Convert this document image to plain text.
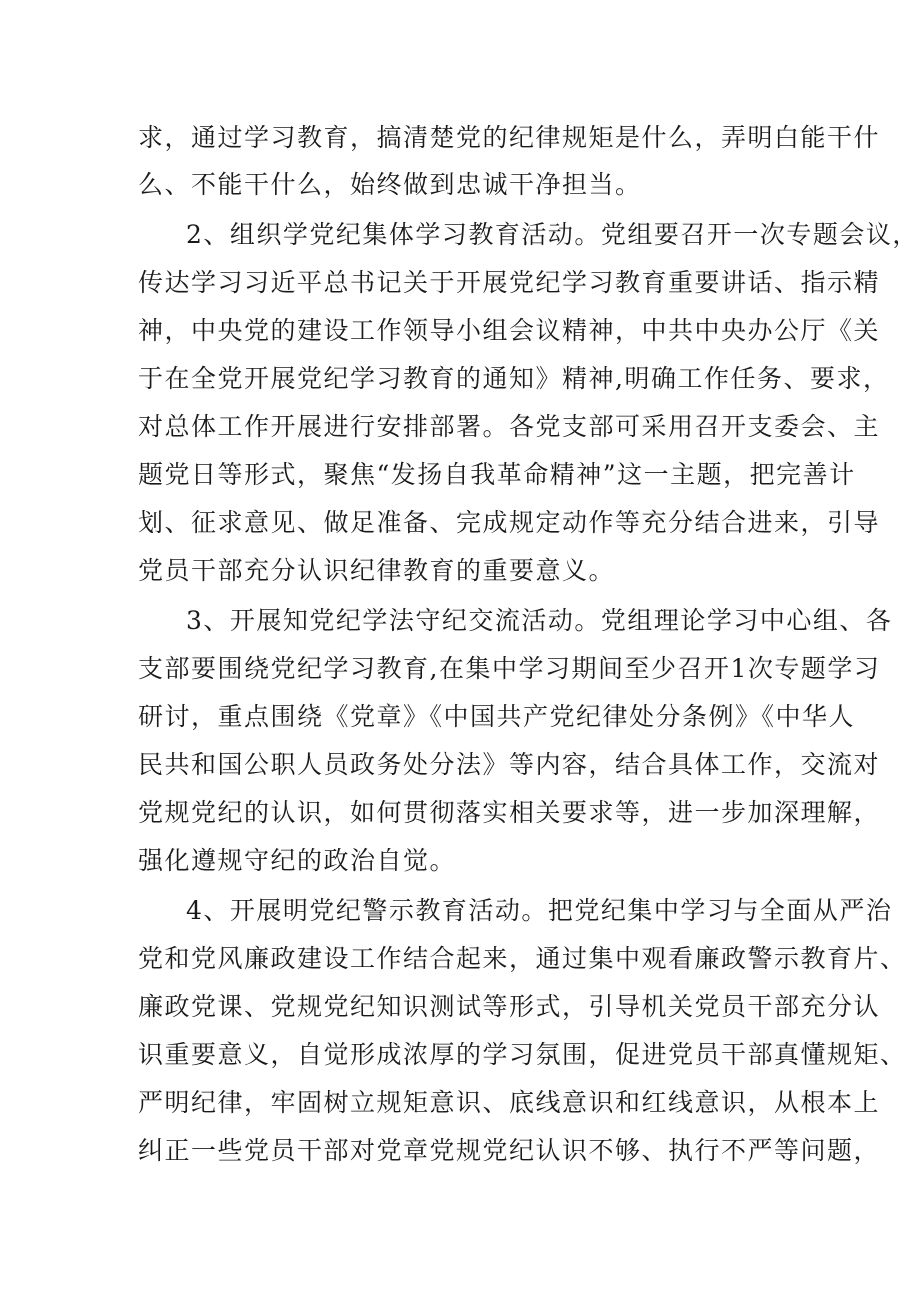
求，通过学习教育，搞清楚党的纪律规矩是什么，弄明白能干什
么、不能干什么，始终做到忠诚干净担当。
2、组织学党纪集体学习教育活动。党组要召开一次专题会议，
传达学习习近平总书记关于开展党纪学习教育重要讲话、指示精
神，中央党的建设工作领导小组会议精神，中共中央办公厅《关
于在全党开展党纪学习教育的通知》精神,明确工作任务、要求，
对总体工作开展进行安排部署。各党支部可采用召开支委会、主
题党日等形式，聚焦“发扬自我革命精神”这一主题，把完善计
划、征求意见、做足准备、完成规定动作等充分结合进来，引导
党员干部充分认识纪律教育的重要意义。
3、开展知党纪学法守纪交流活动。党组理论学习中心组、各
支部要围绕党纪学习教育,在集中学习期间至少召开1次专题学习
研讨，重点围绕《党章》《中国共产党纪律处分条例》《中华人
民共和国公职人员政务处分法》等内容，结合具体工作，交流对
党规党纪的认识，如何贯彻落实相关要求等，进一步加深理解，
强化遵规守纪的政治自觉。
4、开展明党纪警示教育活动。把党纪集中学习与全面从严治
党和党风廉政建设工作结合起来，通过集中观看廉政警示教育片、
廉政党课、党规党纪知识测试等形式，引导机关党员干部充分认
识重要意义，自觉形成浓厚的学习氛围，促进党员干部真懂规矩、
严明纪律，牢固树立规矩意识、底线意识和红线意识，从根本上
纠正一些党员干部对党章党规党纪认识不够、执行不严等问题，
